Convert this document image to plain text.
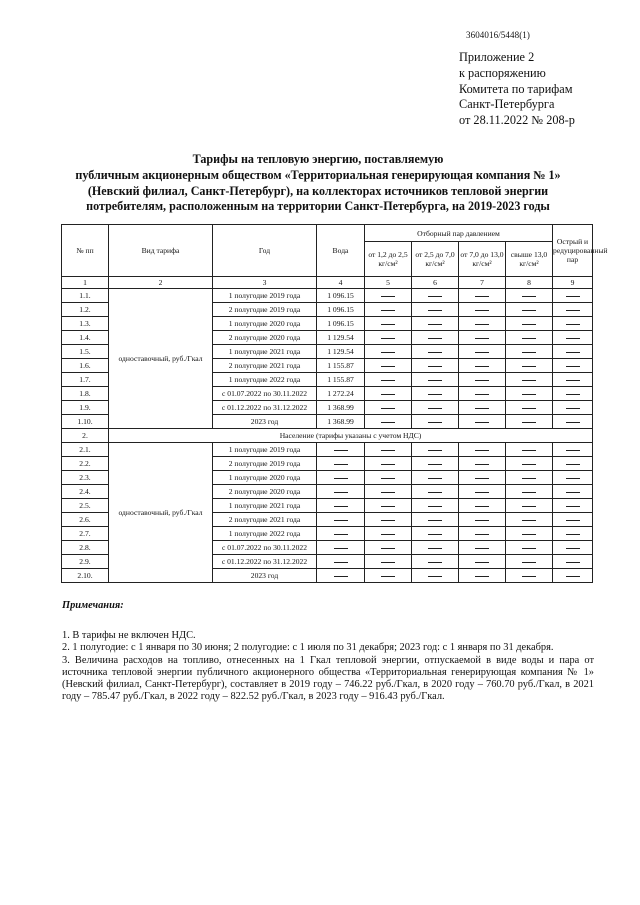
3604016/5448(1)
Приложение 2
к распоряжению
Комитета по тарифам
Санкт-Петербурга
от 28.11.2022 № 208-р
Тарифы на тепловую энергию, поставляемую
публичным акционерным обществом «Территориальная генерирующая компания № 1»
(Невский филиал, Санкт-Петербург), на коллекторах источников тепловой энергии
потребителям, расположенным на территории Санкт-Петербурга, на 2019-2023 годы
№ пп	Вид тарифа	Год	Вода	Отборный пар давлением				Острый и редуцированный пар
				от 1,2 до 2,5 кг/см²	от 2,5 до 7,0 кг/см²	от 7,0 до 13,0 кг/см²	свыше 13,0 кг/см²	
1	2	3	4	5	6	7	8	9
1.1.	одноставочный, руб./Гкал	1 полугодие 2019 года	1 096.15					
1.2.		2 полугодие 2019 года	1 096.15					
1.3.		1 полугодие 2020 года	1 096.15					
1.4.		2 полугодие 2020 года	1 129.54					
1.5.		1 полугодие 2021 года	1 129.54					
1.6.		2 полугодие 2021 года	1 155.87					
1.7.		1 полугодие 2022 года	1 155.87					
1.8.		с 01.07.2022 по 30.11.2022	1 272.24					
1.9.		с 01.12.2022 по 31.12.2022	1 368.99					
1.10.		2023 год	1 368.99					
2.	Население (тарифы указаны с учетом НДС)							
2.1.	одноставочный, руб./Гкал	1 полугодие 2019 года						
2.2.		2 полугодие 2019 года						
2.3.		1 полугодие 2020 года						
2.4.		2 полугодие 2020 года						
2.5.		1 полугодие 2021 года						
2.6.		2 полугодие 2021 года						
2.7.		1 полугодие 2022 года						
2.8.		с 01.07.2022 по 30.11.2022						
2.9.		с 01.12.2022 по 31.12.2022						
2.10.		2023 год						
Примечания:

1. В тарифы не включен НДС.

2. 1 полугодие: с 1 января по 30 июня; 2 полугодие: с 1 июля по 31 декабря; 2023 год: с 1 января по 31 декабря.

3. Величина расходов на топливо, отнесенных на 1 Гкал тепловой энергии, отпускаемой в виде воды и пара от источника тепловой энергии публичного акционерного общества «Территориальная генерирующая компания № 1» (Невский филиал, Санкт-Петербург), составляет в 2019 году – 746.22 руб./Гкал, в 2020 году – 760.70 руб./Гкал, в 2021 году – 785.47 руб./Гкал, в 2022 году – 822.52 руб./Гкал, в 2023 году – 916.43 руб./Гкал.
